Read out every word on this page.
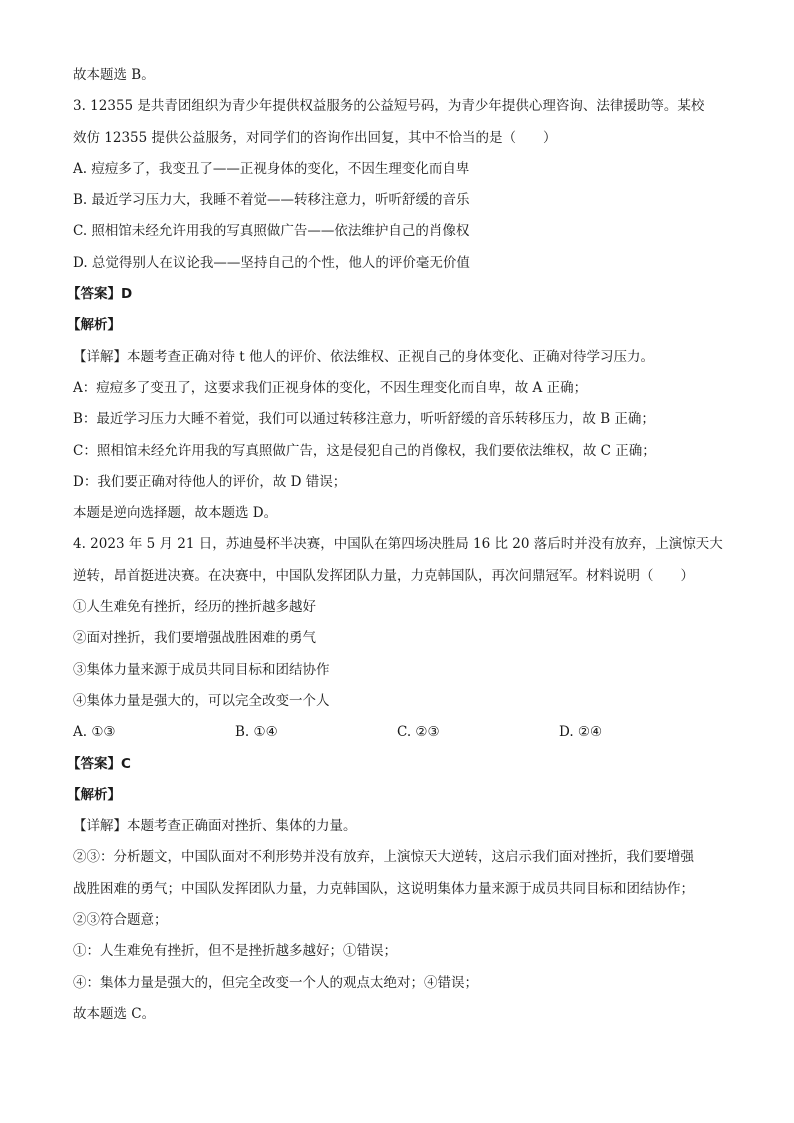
故本题选 B。
3. 12355 是共青团组织为青少年提供权益服务的公益短号码，为青少年提供心理咨询、法律援助等。某校
效仿 12355 提供公益服务，对同学们的咨询作出回复，其中不恰当的是（　　）
A. 痘痘多了，我变丑了——正视身体的变化，不因生理变化而自卑
B. 最近学习压力大，我睡不着觉——转移注意力，听听舒缓的音乐
C. 照相馆未经允许用我的写真照做广告——依法维护自己的肖像权
D. 总觉得别人在议论我——坚持自己的个性，他人的评价毫无价值
【答案】D
【解析】
【详解】本题考查正确对待 t 他人的评价、依法维权、正视自己的身体变化、正确对待学习压力。
A：痘痘多了变丑了，这要求我们正视身体的变化，不因生理变化而自卑，故 A 正确；
B：最近学习压力大睡不着觉，我们可以通过转移注意力，听听舒缓的音乐转移压力，故 B 正确；
C：照相馆未经允许用我的写真照做广告，这是侵犯自己的肖像权，我们要依法维权，故 C 正确；
D：我们要正确对待他人的评价，故 D 错误；
本题是逆向选择题，故本题选 D。
4. 2023 年 5 月 21 日，苏迪曼杯半决赛，中国队在第四场决胜局 16 比 20 落后时并没有放弃，上演惊天大
逆转，昂首挺进决赛。在决赛中，中国队发挥团队力量，力克韩国队，再次问鼎冠军。材料说明（　　）
①人生难免有挫折，经历的挫折越多越好
②面对挫折，我们要增强战胜困难的勇气
③集体力量来源于成员共同目标和团结协作
④集体力量是强大的，可以完全改变一个人
A. ①③	B. ①④	C. ②③	D. ②④
【答案】C
【解析】
【详解】本题考查正确面对挫折、集体的力量。
②③：分析题文，中国队面对不利形势并没有放弃，上演惊天大逆转，这启示我们面对挫折，我们要增强
战胜困难的勇气；中国队发挥团队力量，力克韩国队，这说明集体力量来源于成员共同目标和团结协作；
②③符合题意；
①：人生难免有挫折，但不是挫折越多越好；①错误；
④：集体力量是强大的，但完全改变一个人的观点太绝对；④错误；
故本题选 C。
